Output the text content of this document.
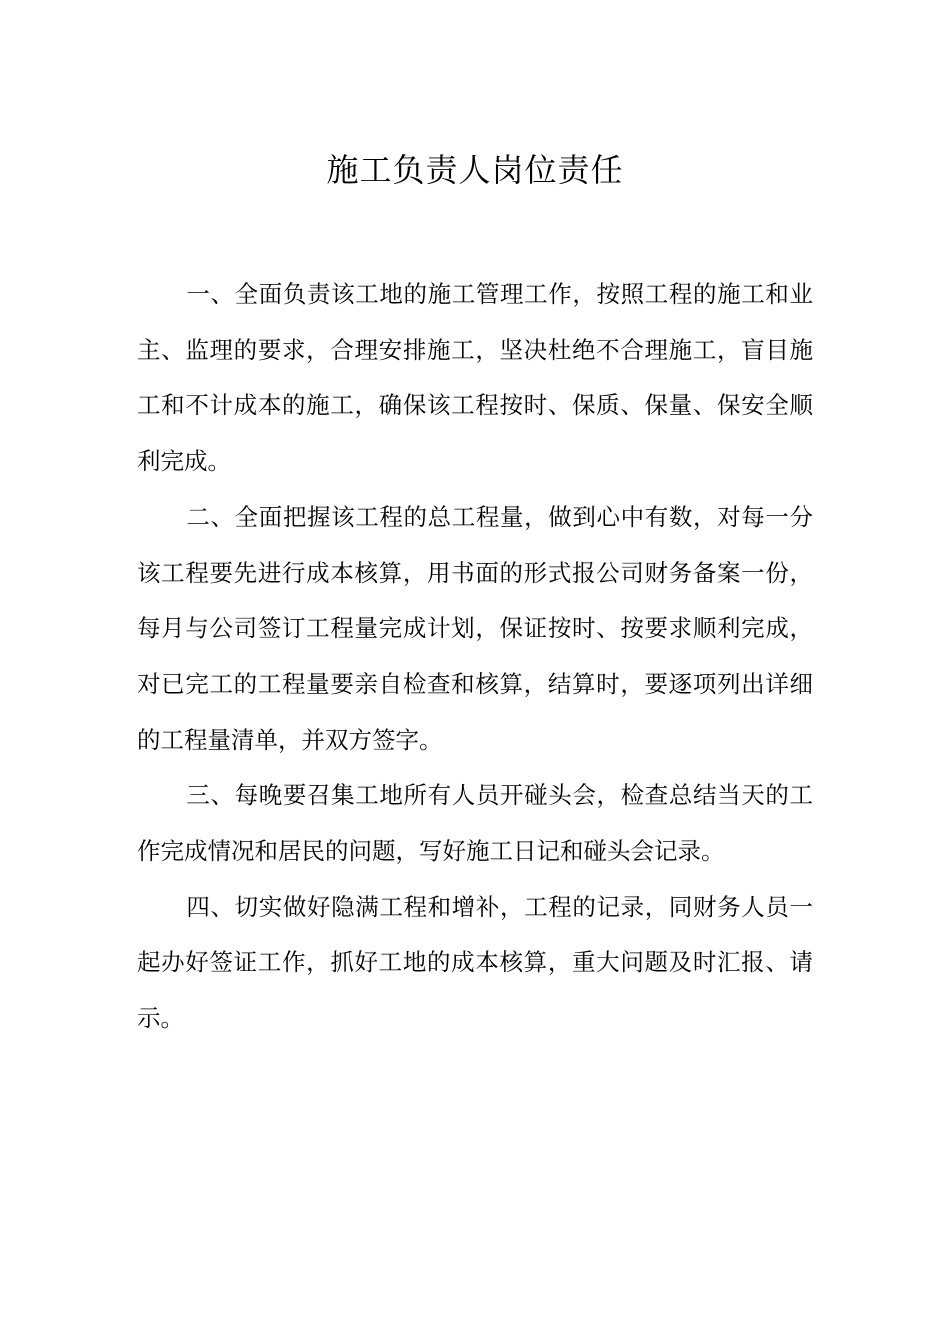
施工负责人岗位责任

一、全面负责该工地的施工管理工作，按照工程的施工和业主、监理的要求，合理安排施工，坚决杜绝不合理施工，盲目施工和不计成本的施工，确保该工程按时、保质、保量、保安全顺利完成。

二、全面把握该工程的总工程量，做到心中有数，对每一分该工程要先进行成本核算，用书面的形式报公司财务备案一份，每月与公司签订工程量完成计划，保证按时、按要求顺利完成，对已完工的工程量要亲自检查和核算，结算时，要逐项列出详细的工程量清单，并双方签字。

三、每晚要召集工地所有人员开碰头会，检查总结当天的工作完成情况和居民的问题，写好施工日记和碰头会记录。

四、切实做好隐满工程和增补，工程的记录，同财务人员一起办好签证工作，抓好工地的成本核算，重大问题及时汇报、请示。
